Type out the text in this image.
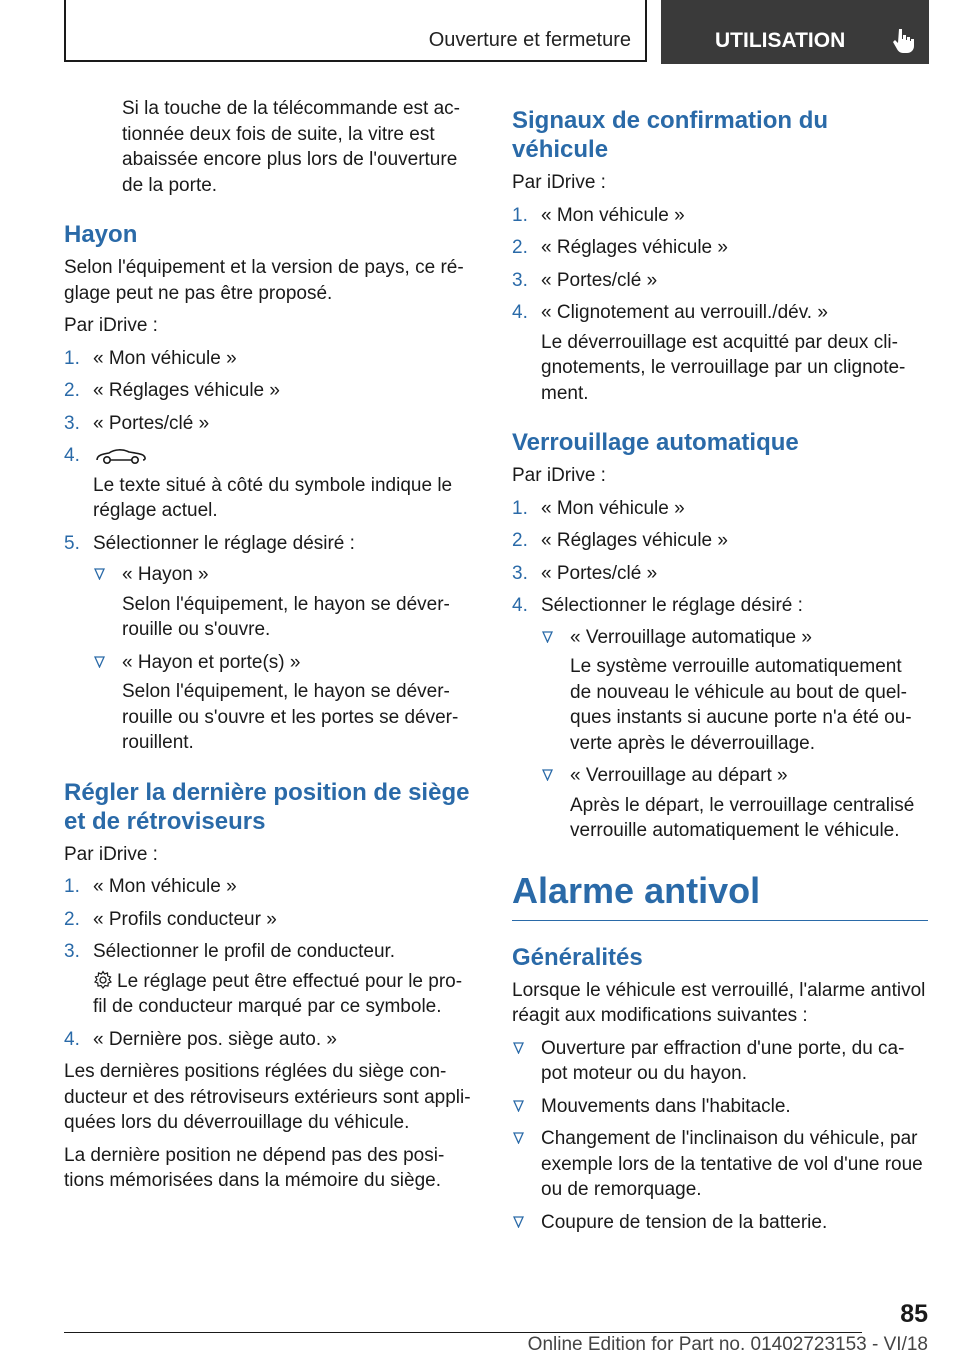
Ouverture et fermeture	UTILISATION

Si la touche de la télécommande est ac-tionnée deux fois de suite, la vitre est abaissée encore plus lors de l'ouverture de la porte.

Hayon

Selon l'équipement et la version de pays, ce ré-glage peut ne pas être proposé.

Par iDrive :

1. « Mon véhicule »
2. « Réglages véhicule »
3. « Portes/clé »
4.
Le texte situé à côté du symbole indique le réglage actuel.
5. Sélectionner le réglage désiré :
« Hayon »
Selon l'équipement, le hayon se déver-rouille ou s'ouvre.
« Hayon et porte(s) »
Selon l'équipement, le hayon se déver-rouille ou s'ouvre et les portes se déver-rouillent.
Régler la dernière position de siège et de rétroviseurs

Par iDrive :

1. « Mon véhicule »
2. « Profils conducteur »
3. Sélectionner le profil de conducteur.
Le réglage peut être effectué pour le pro-fil de conducteur marqué par ce symbole.
4. « Dernière pos. siège auto. »

Les dernières positions réglées du siège con-ducteur et des rétroviseurs extérieurs sont appli-quées lors du déverrouillage du véhicule.

La dernière position ne dépend pas des posi-tions mémorisées dans la mémoire du siège.

Signaux de confirmation du véhicule

Par iDrive :

1. « Mon véhicule »
2. « Réglages véhicule »
3. « Portes/clé »
4. « Clignotement au verrouill./dév. »
Le déverrouillage est acquitté par deux cli-gnotements, le verrouillage par un clignote-ment.
Verrouillage automatique

Par iDrive :

1. « Mon véhicule »
2. « Réglages véhicule »
3. « Portes/clé »
4. Sélectionner le réglage désiré :
« Verrouillage automatique »
Le système verrouille automatiquement de nouveau le véhicule au bout de quel-ques instants si aucune porte n'a été ou-verte après le déverrouillage.
« Verrouillage au départ »
Après le départ, le verrouillage centralisé verrouille automatiquement le véhicule.
Alarme antivol
Généralités

Lorsque le véhicule est verrouillé, l'alarme antivol réagit aux modifications suivantes :

Ouverture par effraction d'une porte, du ca-pot moteur ou du hayon.
Mouvements dans l'habitacle.
Changement de l'inclinaison du véhicule, par exemple lors de la tentative de vol d'une roue ou de remorquage.
Coupure de tension de la batterie.
85
Online Edition for Part no. 01402723153 - VI/18
